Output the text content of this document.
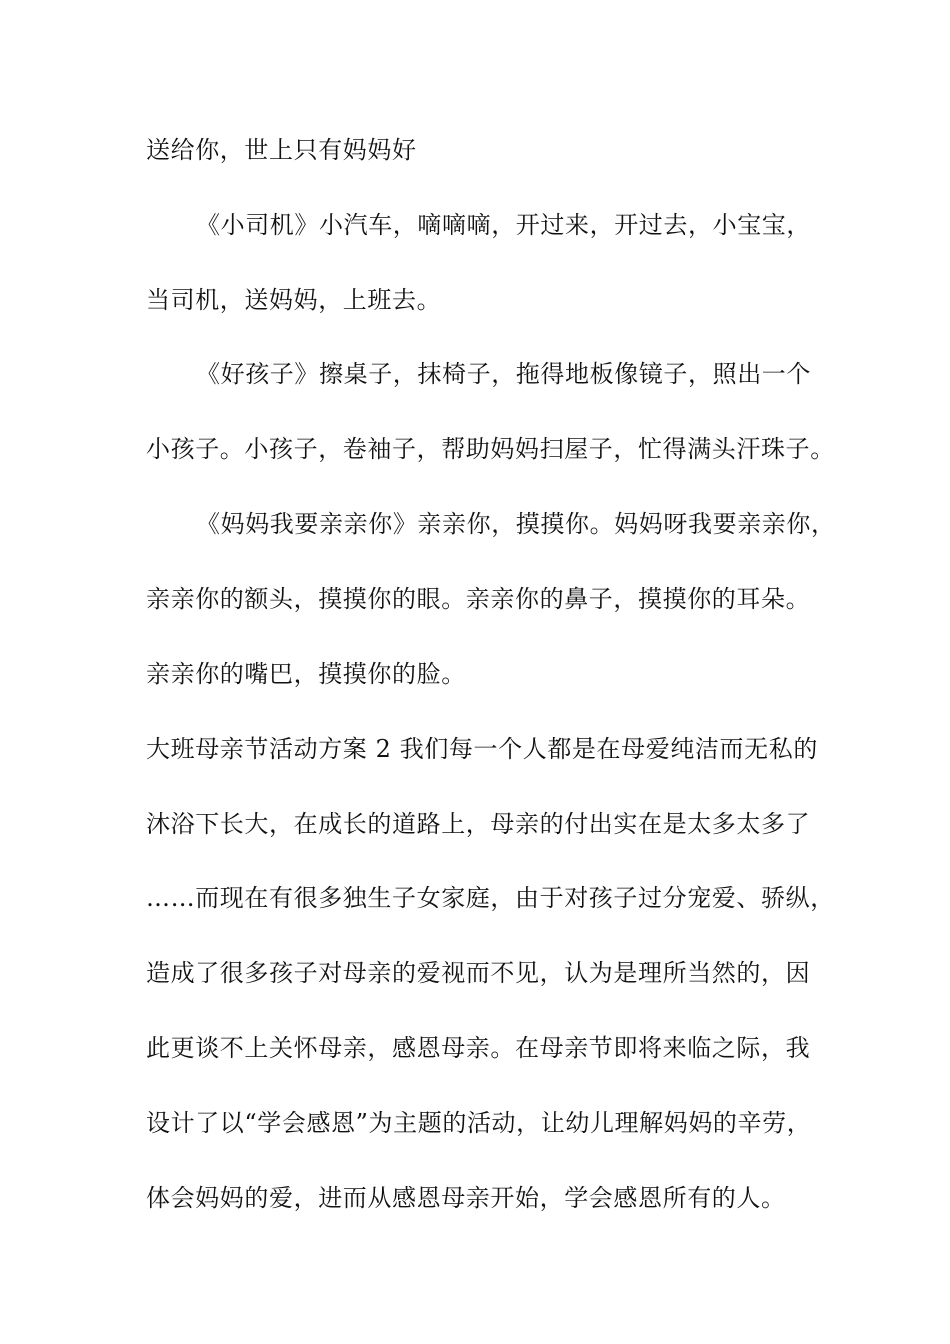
送给你，世上只有妈妈好
《小司机》小汽车，嘀嘀嘀，开过来，开过去，小宝宝，
当司机，送妈妈，上班去。
《好孩子》擦桌子，抹椅子，拖得地板像镜子，照出一个
小孩子。小孩子，卷袖子，帮助妈妈扫屋子，忙得满头汗珠子。
《妈妈我要亲亲你》亲亲你，摸摸你。妈妈呀我要亲亲你，
亲亲你的额头，摸摸你的眼。亲亲你的鼻子，摸摸你的耳朵。
亲亲你的嘴巴，摸摸你的脸。
大班母亲节活动方案 2 我们每一个人都是在母爱纯洁而无私的
沐浴下长大，在成长的道路上，母亲的付出实在是太多太多了
……而现在有很多独生子女家庭，由于对孩子过分宠爱、骄纵，
造成了很多孩子对母亲的爱视而不见，认为是理所当然的，因
此更谈不上关怀母亲，感恩母亲。在母亲节即将来临之际，我
设计了以“学会感恩”为主题的活动，让幼儿理解妈妈的辛劳，
体会妈妈的爱，进而从感恩母亲开始，学会感恩所有的人。
